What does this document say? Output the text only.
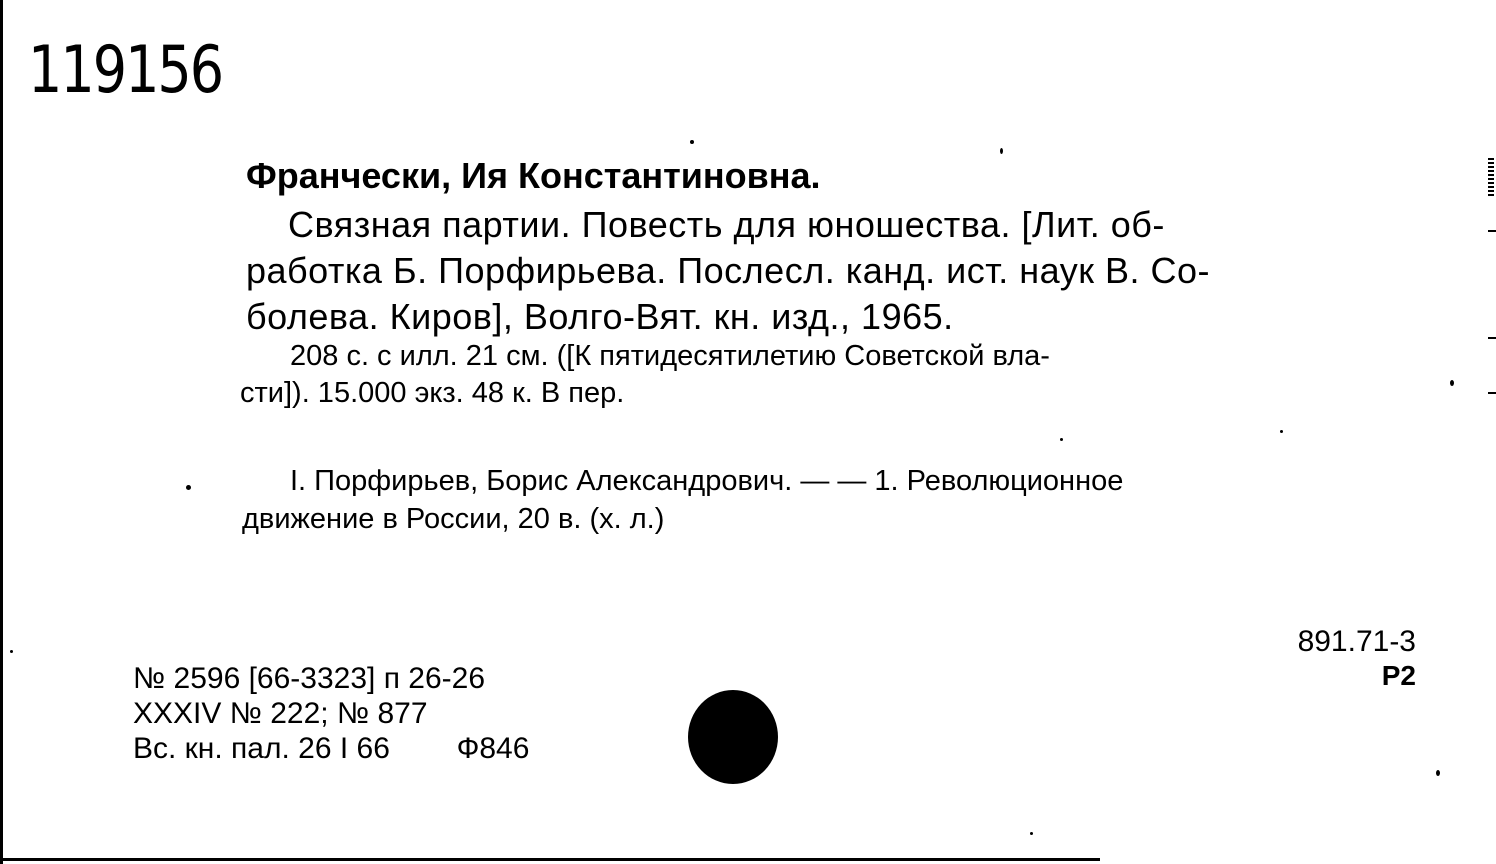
119156
Франчески, Ия Константиновна.
Связная партии. Повесть для юношества. [Лит. об-
работка Б. Порфирьева. Послесл. канд. ист. наук В. Со-
болева. Киров], Волго-Вят. кн. изд., 1965.
208 с. с илл. 21 см. ([К пятидесятилетию Советской вла-
сти]). 15.000 экз. 48 к. В пер.
I. Порфирьев, Борис Александрович. — — 1. Революционное
движение в России, 20 в. (х. л.)
891.71-3
Р2
№ 2596 [66-3323] п 26-26
XXXIV № 222; № 877
Вс. кн. пал. 26 I 66        Ф846
